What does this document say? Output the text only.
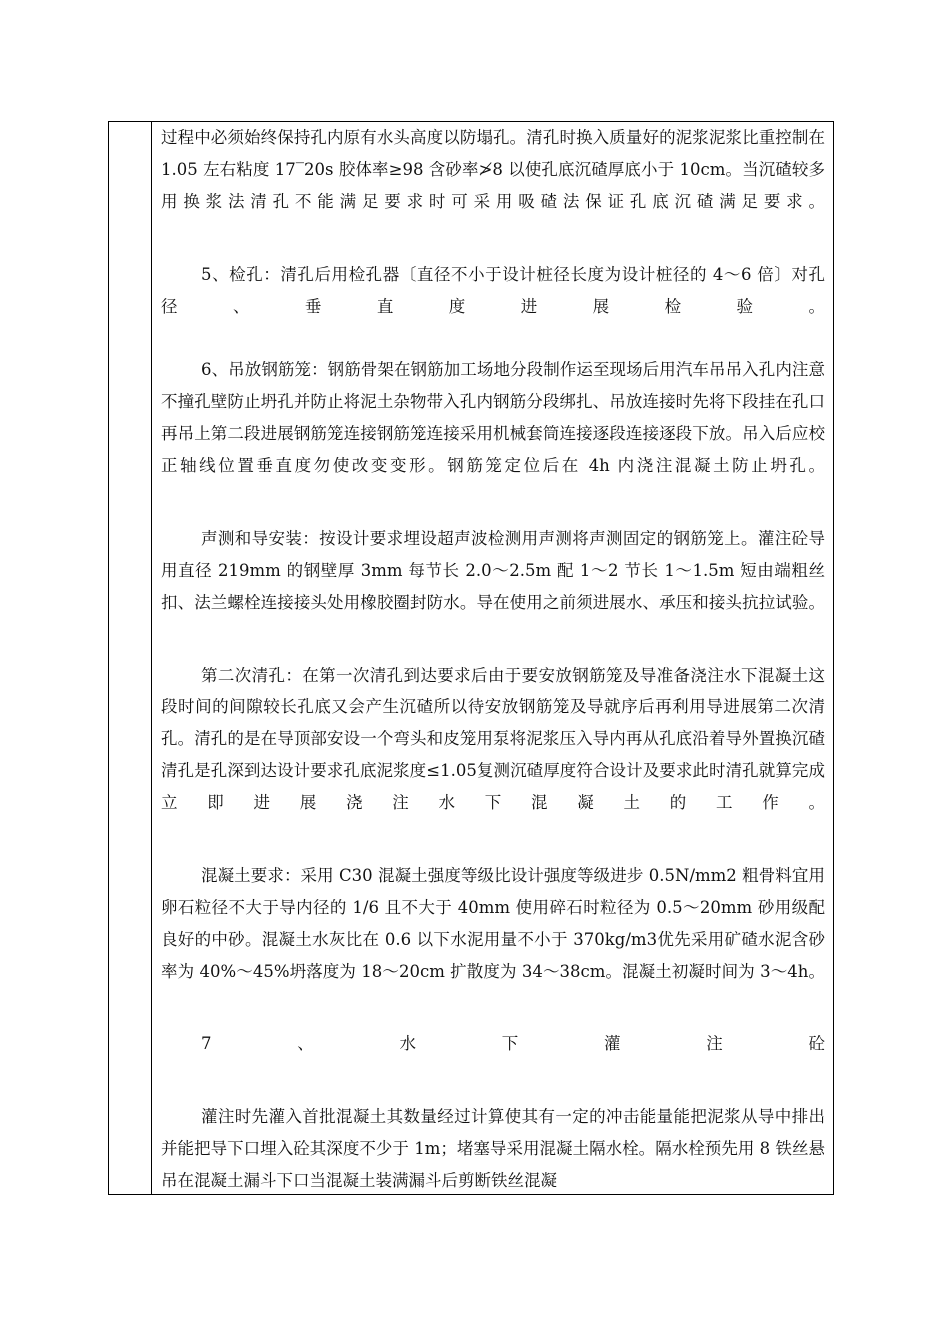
过程中必须始终保持孔内原有水头高度以防塌孔。清孔时换入质量好的泥浆泥浆比重控制在 1.05 左右粘度 17‾20s 胶体率≥98 含砂率≯8 以使孔底沉碴厚底小于 10cm。当沉碴较多用换浆法清孔不能满足要求时可采用吸碴法保证孔底沉碴满足要求。

5、检孔：清孔后用检孔器〔直径不小于设计桩径长度为设计桩径的 4～6 倍〕对孔径、垂直度进展检验。

6、吊放钢筋笼：钢筋骨架在钢筋加工场地分段制作运至现场后用汽车吊吊入孔内注意不撞孔壁防止坍孔并防止将泥土杂物带入孔内钢筋分段绑扎、吊放连接时先将下段挂在孔口再吊上第二段进展钢筋笼连接钢筋笼连接采用机械套筒连接逐段连接逐段下放。吊入后应校正轴线位置垂直度勿使改变变形。钢筋笼定位后在 4h 内浇注混凝土防止坍孔。

声测和导安装：按设计要求埋设超声波检测用声测将声测固定的钢筋笼上。灌注砼导用直径 219mm 的钢壁厚 3mm 每节长 2.0～2.5m 配 1～2 节长 1～1.5m 短由端粗丝扣、法兰螺栓连接接头处用橡胶圈封防水。导在使用之前须进展水、承压和接头抗拉试验。

第二次清孔：在第一次清孔到达要求后由于要安放钢筋笼及导准备浇注水下混凝土这段时间的间隙较长孔底又会产生沉碴所以待安放钢筋笼及导就序后再利用导进展第二次清孔。清孔的是在导顶部安设一个弯头和皮笼用泵将泥浆压入导内再从孔底沿着导外置换沉碴清孔是孔深到达设计要求孔底泥浆度≤1.05复测沉碴厚度符合设计及要求此时清孔就算完成立即进展浇注水下混凝土的工作。

混凝土要求：采用 C30 混凝土强度等级比设计强度等级进步 0.5N/mm2 粗骨料宜用卵石粒径不大于导内径的 1/6 且不大于 40mm 使用碎石时粒径为 0.5～20mm 砂用级配良好的中砂。混凝土水灰比在 0.6 以下水泥用量不小于 370kg/m3优先采用矿碴水泥含砂率为 40%～45%坍落度为 18～20cm 扩散度为 34～38cm。混凝土初凝时间为 3～4h。

7、水下灌注砼

灌注时先灌入首批混凝土其数量经过计算使其有一定的冲击能量能把泥浆从导中排出并能把导下口埋入砼其深度不少于 1m；堵塞导采用混凝土隔水栓。隔水栓预先用 8 铁丝悬吊在混凝土漏斗下口当混凝土装满漏斗后剪断铁丝混凝
